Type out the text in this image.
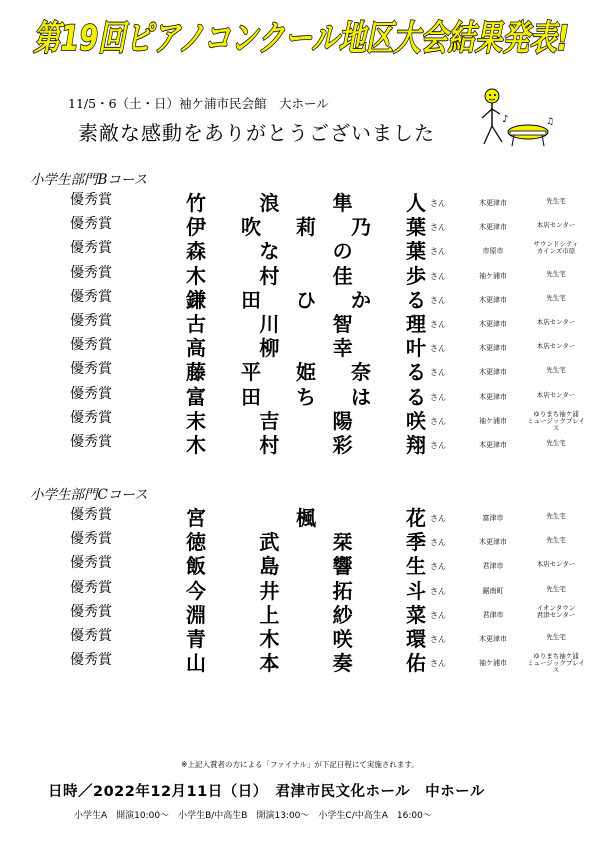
第19回ピアノコンクール地区大会結果発表!
11/5・6（土・日）袖ケ浦市民会館　大ホール
素敵な感動をありがとうございました
♪	♫
小学生部門Bコース
優秀賞	竹	浪	隼	人 さん	木更津市	先生宅
優秀賞	伊 吹 莉 乃 葉 さん	木更津市	本店センター
優秀賞	森	な	の	葉 さん	市原市
サウンドシティ
カインズ市原
優秀賞	木	村	佳	歩 さん	袖ケ浦市	先生宅
優秀賞	鎌 田 ひ か る さん	木更津市	先生宅
優秀賞	古	川	智	理 さん	木更津市	本店センター
優秀賞	高	柳	幸	叶 さん	木更津市	本店センター
優秀賞	藤 平 姫 奈 る さん	木更津市	先生宅
優秀賞	富 田 ち は る さん	木更津市	本店センター
優秀賞	末	吉	陽	咲 さん	袖ケ浦市
ゆりまち袖ケ浦
ミュージックプレイス
優秀賞	木	村	彩	翔 さん	木更津市	先生宅
小学生部門Cコース
優秀賞	宮	楓	花 さん	富津市	先生宅
優秀賞	徳	武	栞	季 さん	木更津市	先生宅
優秀賞	飯	島	響	生 さん	君津市	本店センター
優秀賞	今	井	拓	斗 さん	鋸南町	先生宅
優秀賞	淵	上	紗	菜 さん	君津市
イオンタウン
君津センター
優秀賞	青	木	咲	環 さん	木更津市	先生宅
優秀賞	山	本	奏	佑 さん	袖ケ浦市
ゆりまち袖ケ浦
ミュージックプレイス
※上記入賞者の方による「ファイナル」が下記日程にて実施されます。
日時／2022年12月11日（日）　君津市民文化ホール　中ホール
小学生A　開演10:00～　小学生B/中高生B　開演13:00～　小学生C/中高生A　16:00～
